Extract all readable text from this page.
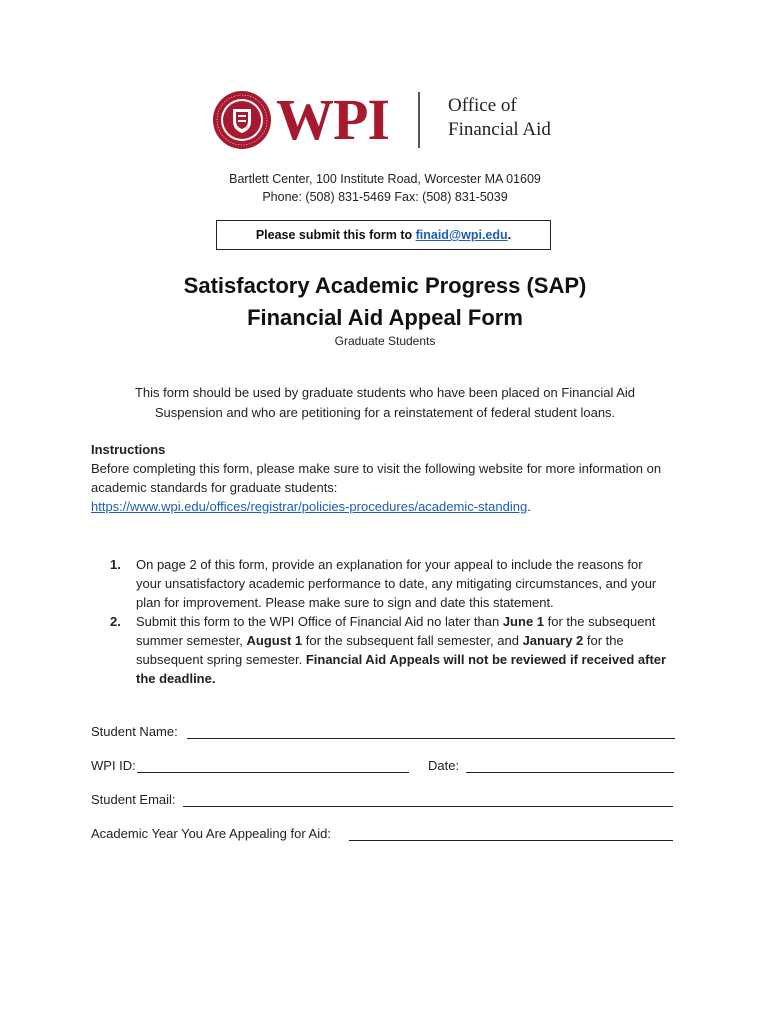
WPI	Office of
Financial Aid
Bartlett Center, 100 Institute Road, Worcester MA 01609
Phone: (508) 831-5469 Fax: (508) 831-5039
Please submit this form to finaid@wpi.edu.
Satisfactory Academic Progress (SAP)
Financial Aid Appeal Form
Graduate Students
This form should be used by graduate students who have been placed on Financial Aid Suspension and who are petitioning for a reinstatement of federal student loans.
Instructions
Before completing this form, please make sure to visit the following website for more information on academic standards for graduate students:
https://www.wpi.edu/offices/registrar/policies-procedures/academic-standing.
1.	On page 2 of this form, provide an explanation for your appeal to include the reasons for your unsatisfactory academic performance to date, any mitigating circumstances, and your plan for improvement. Please make sure to sign and date this statement.
2.	Submit this form to the WPI Office of Financial Aid no later than June 1 for the subsequent summer semester, August 1 for the subsequent fall semester, and January 2 for the subsequent spring semester. Financial Aid Appeals will not be reviewed if received after the deadline.
Student Name:
WPI ID:	Date:
Student Email:
Academic Year You Are Appealing for Aid:
